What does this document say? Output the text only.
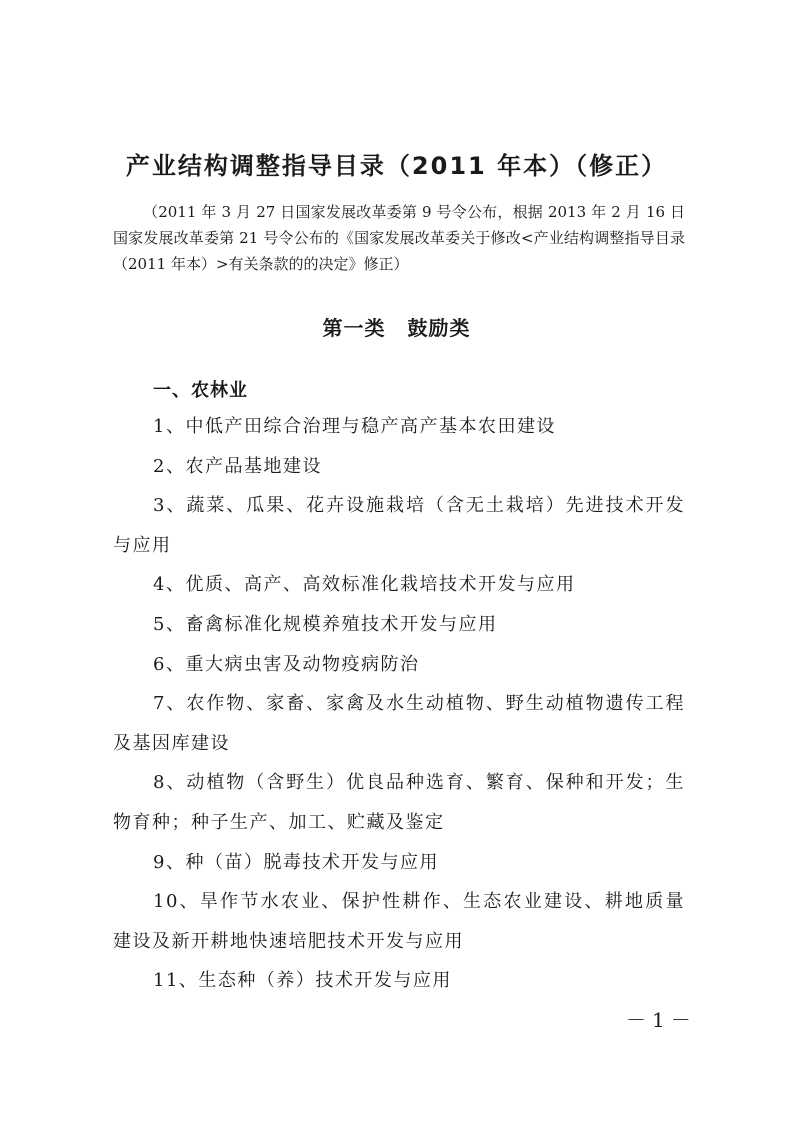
产业结构调整指导目录（2011 年本）（修正）
（2011 年 3 月 27 日国家发展改革委第 9 号令公布，根据 2013 年 2 月 16 日国家发展改革委第 21 号令公布的《国家发展改革委关于修改<产业结构调整指导目录（2011 年本）>有关条款的的决定》修正）
第一类 鼓励类
一、农林业

1、中低产田综合治理与稳产高产基本农田建设

2、农产品基地建设

3、蔬菜、瓜果、花卉设施栽培（含无土栽培）先进技术开发与应用

4、优质、高产、高效标准化栽培技术开发与应用

5、畜禽标准化规模养殖技术开发与应用

6、重大病虫害及动物疫病防治

7、农作物、家畜、家禽及水生动植物、野生动植物遗传工程及基因库建设

8、动植物（含野生）优良品种选育、繁育、保种和开发；生物育种；种子生产、加工、贮藏及鉴定

9、种（苗）脱毒技术开发与应用

10、旱作节水农业、保护性耕作、生态农业建设、耕地质量建设及新开耕地快速培肥技术开发与应用

11、生态种（养）技术开发与应用

－1－
